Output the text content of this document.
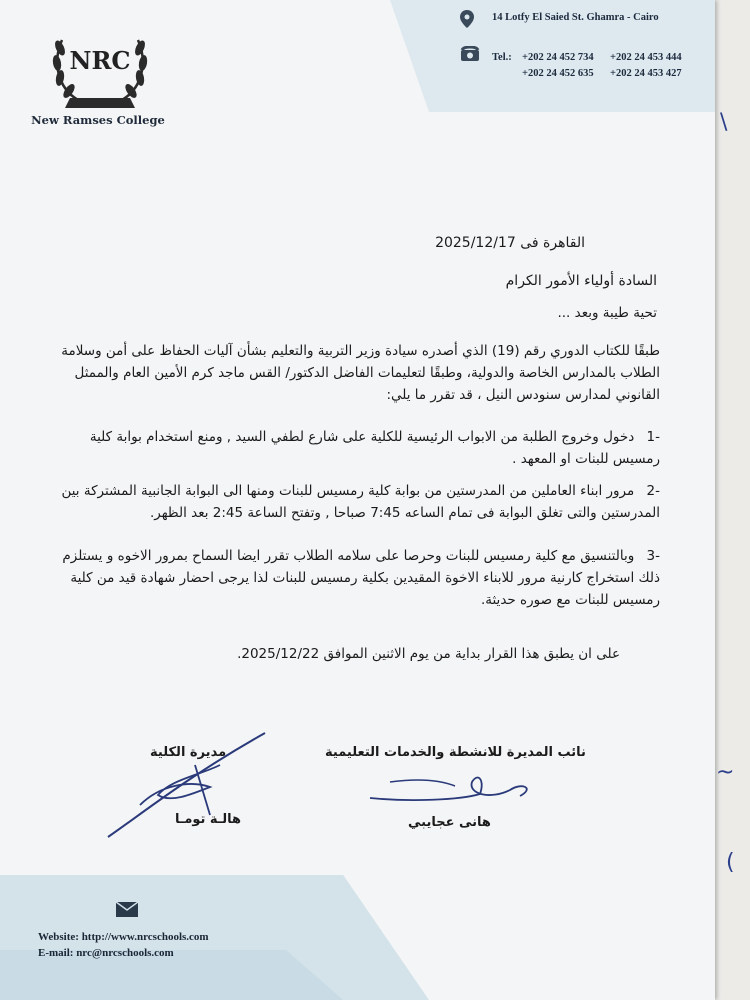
\
~
(
NRC
New Ramses College
14 Lotfy El Saied St. Ghamra - Cairo
Tel.: +202 24 452 734 +202 24 453 444
+202 24 452 635 +202 24 453 427
القاهرة فى 2025/12/17
السادة أولياء الأمور الكرام
تحية طيبة وبعد ...
طبقًا للكتاب الدوري رقم (19) الذي أصدره سيادة وزير التربية والتعليم بشأن آليات الحفاظ على أمن وسلامة الطلاب بالمدارس الخاصة والدولية، وطبقًا لتعليمات الفاضل الدكتور/ القس ماجد كرم الأمين العام والممثل القانوني لمدارس سنودس النيل ، قد تقرر ما يلي:
-1 دخول وخروج الطلبة من الابواب الرئيسية للكلية على شارع لطفي السيد , ومنع استخدام بوابة كلية رمسيس للبنات او المعهد .
-2 مرور ابناء العاملين من المدرستين من بوابة كلية رمسيس للبنات ومنها الى البوابة الجانبية المشتركة بين المدرستين والتى تغلق البوابة فى تمام الساعه 7:45 صباحا , وتفتح الساعة 2:45 بعد الظهر.
-3 وبالتنسيق مع كلية رمسيس للبنات وحرصا على سلامه الطلاب تقرر ايضا السماح بمرور الاخوه و يستلزم ذلك استخراج كارنية مرور للابناء الاخوة المقيدين بكلية رمسيس للبنات لذا يرجى احضار شهادة قيد من كلية رمسيس للبنات مع صوره حديثة.
على ان يطبق هذا القرار بداية من يوم الاثنين الموافق 2025/12/22.
مديرة الكلية	نائب المديرة للانشطة والخدمات التعليمية
هالـة تومـا	هانى عجايبي
Website: http://www.nrcschools.com
E-mail: nrc@nrcschools.com
